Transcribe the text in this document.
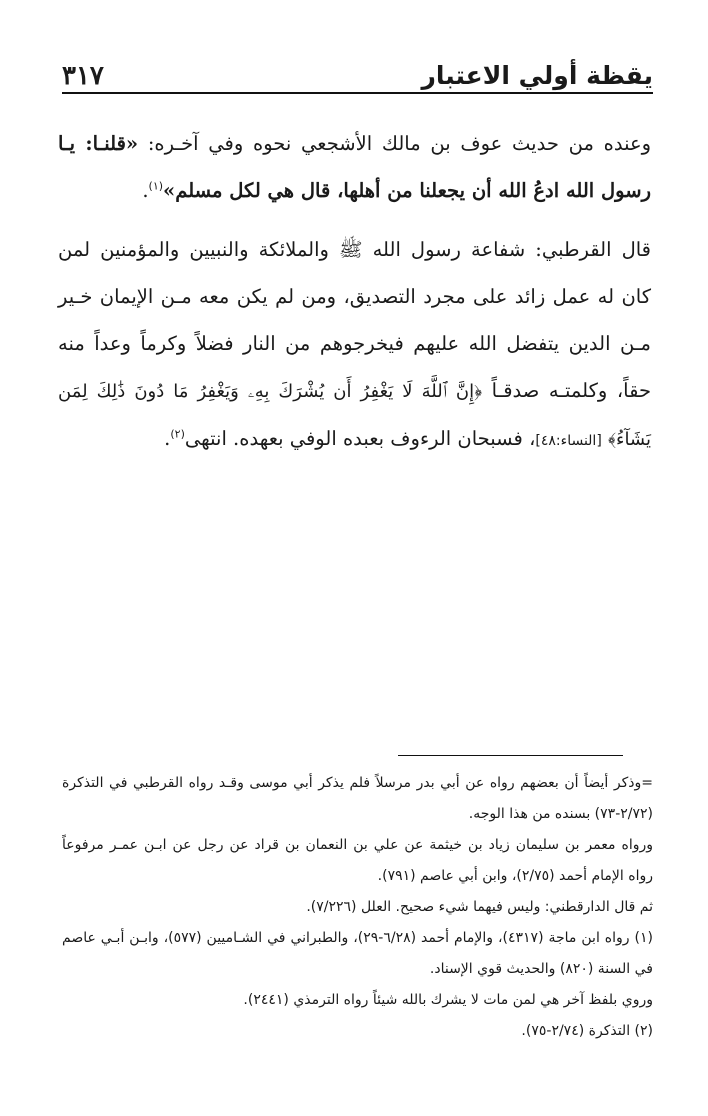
يقظة أولي الاعتبار
٣١٧

وعنده من حديث عوف بن مالك الأشجعي نحوه وفي آخـره: «قلنـا: يـا رسول الله ادعُ الله أن يجعلنا من أهلها، قال هي لكل مسلم»$^{(١)}$.

قال القرطبي: شفاعة رسول الله ﷺ والملائكة والنبيين والمؤمنين لمن كان له عمل زائد على مجرد التصديق، ومن لم يكن معه مـن الإيمان خـير مـن الدين يتفضل الله عليهم فيخرجوهم من النار فضلاً وكرماً وعداً منه حقاً، وكلمتـه صدقـاً ﴿إِنَّ ٱللَّهَ لَا يَغْفِرُ أَن يُشْرَكَ بِهِۦ وَيَغْفِرُ مَا دُونَ ذَٰلِكَ لِمَن يَشَآءُ﴾ [النساء:٤٨]، فسبحان الرءوف بعبده الوفي بعهده. انتهى$^{(٢)}$.

=وذكر أيضاً أن بعضهم رواه عن أبي بدر مرسلاً فلم يذكر أبي موسى وقـد رواه القرطبي في التذكرة (٢/٧٢-٧٣) بسنده من هذا الوجه.

ورواه معمر بن سليمان زياد بن خيثمة عن علي بن النعمان بن قراد عن رجل عن ابـن عمـر مرفوعاً رواه الإمام أحمد (٢/٧٥)، وابن أبي عاصم (٧٩١).

ثم قال الدارقطني: وليس فيهما شيء صحيح. العلل (٧/٢٢٦).

(١) رواه ابن ماجة (٤٣١٧)، والإمام أحمد (٦/٢٨-٢٩)، والطبراني في الشـاميين (٥٧٧)، وابـن أبـي عاصم في السنة (٨٢٠) والحديث قوي الإسناد.

وروي بلفظ آخر هي لمن مات لا يشرك بالله شيئاً رواه الترمذي (٢٤٤١).

(٢) التذكرة (٢/٧٤-٧٥).
